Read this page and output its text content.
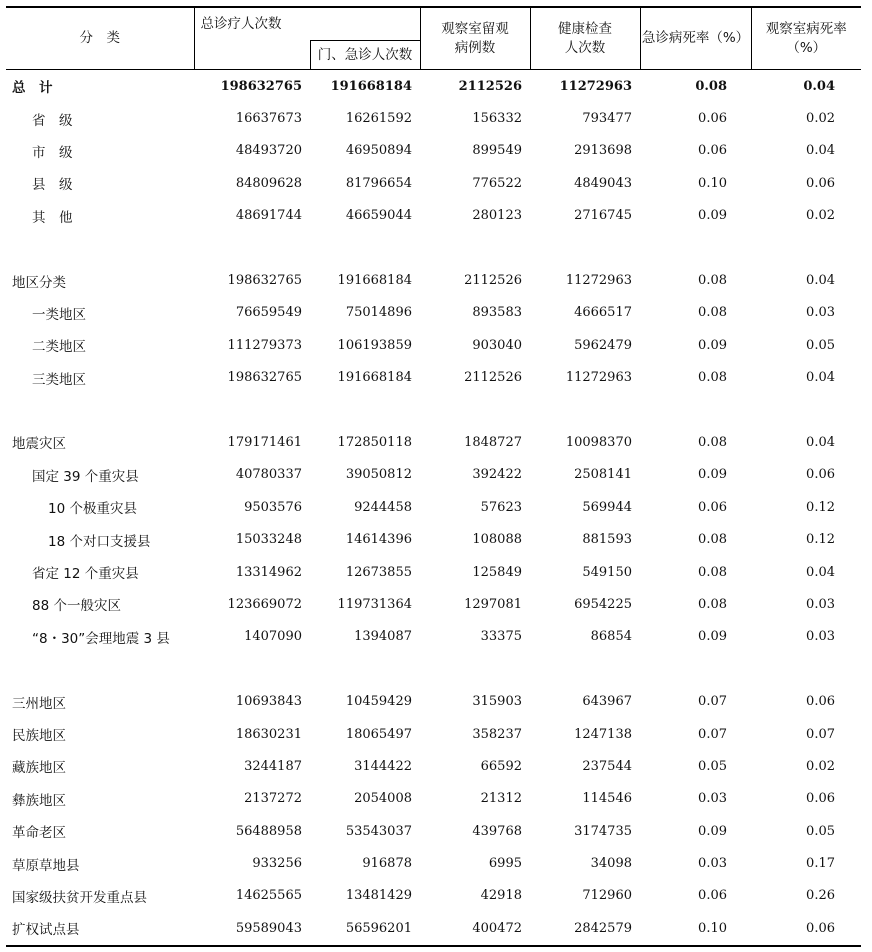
分　类	总诊疗人次数		观察室留观病例数	健康检查人次数	急诊病死率（%）	观察室病死率（%）

		门、急诊人次数				
总　计	198632765	191668184	2112526	11272963	0.08	0.04
省　级	16637673	16261592	156332	793477	0.06	0.02
市　级	48493720	46950894	899549	2913698	0.06	0.04
县　级	84809628	81796654	776522	4849043	0.10	0.06
其　他	48691744	46659044	280123	2716745	0.09	0.02

地区分类	198632765	191668184	2112526	11272963	0.08	0.04
一类地区	76659549	75014896	893583	4666517	0.08	0.03
二类地区	111279373	106193859	903040	5962479	0.09	0.05
三类地区	198632765	191668184	2112526	11272963	0.08	0.04

地震灾区	179171461	172850118	1848727	10098370	0.08	0.04
国定 39 个重灾县	40780337	39050812	392422	2508141	0.09	0.06
10 个极重灾县	9503576	9244458	57623	569944	0.06	0.12
18 个对口支援县	15033248	14614396	108088	881593	0.08	0.12
省定 12 个重灾县	13314962	12673855	125849	549150	0.08	0.04
88 个一般灾区	123669072	119731364	1297081	6954225	0.08	0.03
“8・30”会理地震 3 县	1407090	1394087	33375	86854	0.09	0.03

三州地区	10693843	10459429	315903	643967	0.07	0.06
民族地区	18630231	18065497	358237	1247138	0.07	0.07
藏族地区	3244187	3144422	66592	237544	0.05	0.02
彝族地区	2137272	2054008	21312	114546	0.03	0.06
革命老区	56488958	53543037	439768	3174735	0.09	0.05
草原草地县	933256	916878	6995	34098	0.03	0.17
国家级扶贫开发重点县	14625565	13481429	42918	712960	0.06	0.26
扩权试点县	59589043	56596201	400472	2842579	0.10	0.06
